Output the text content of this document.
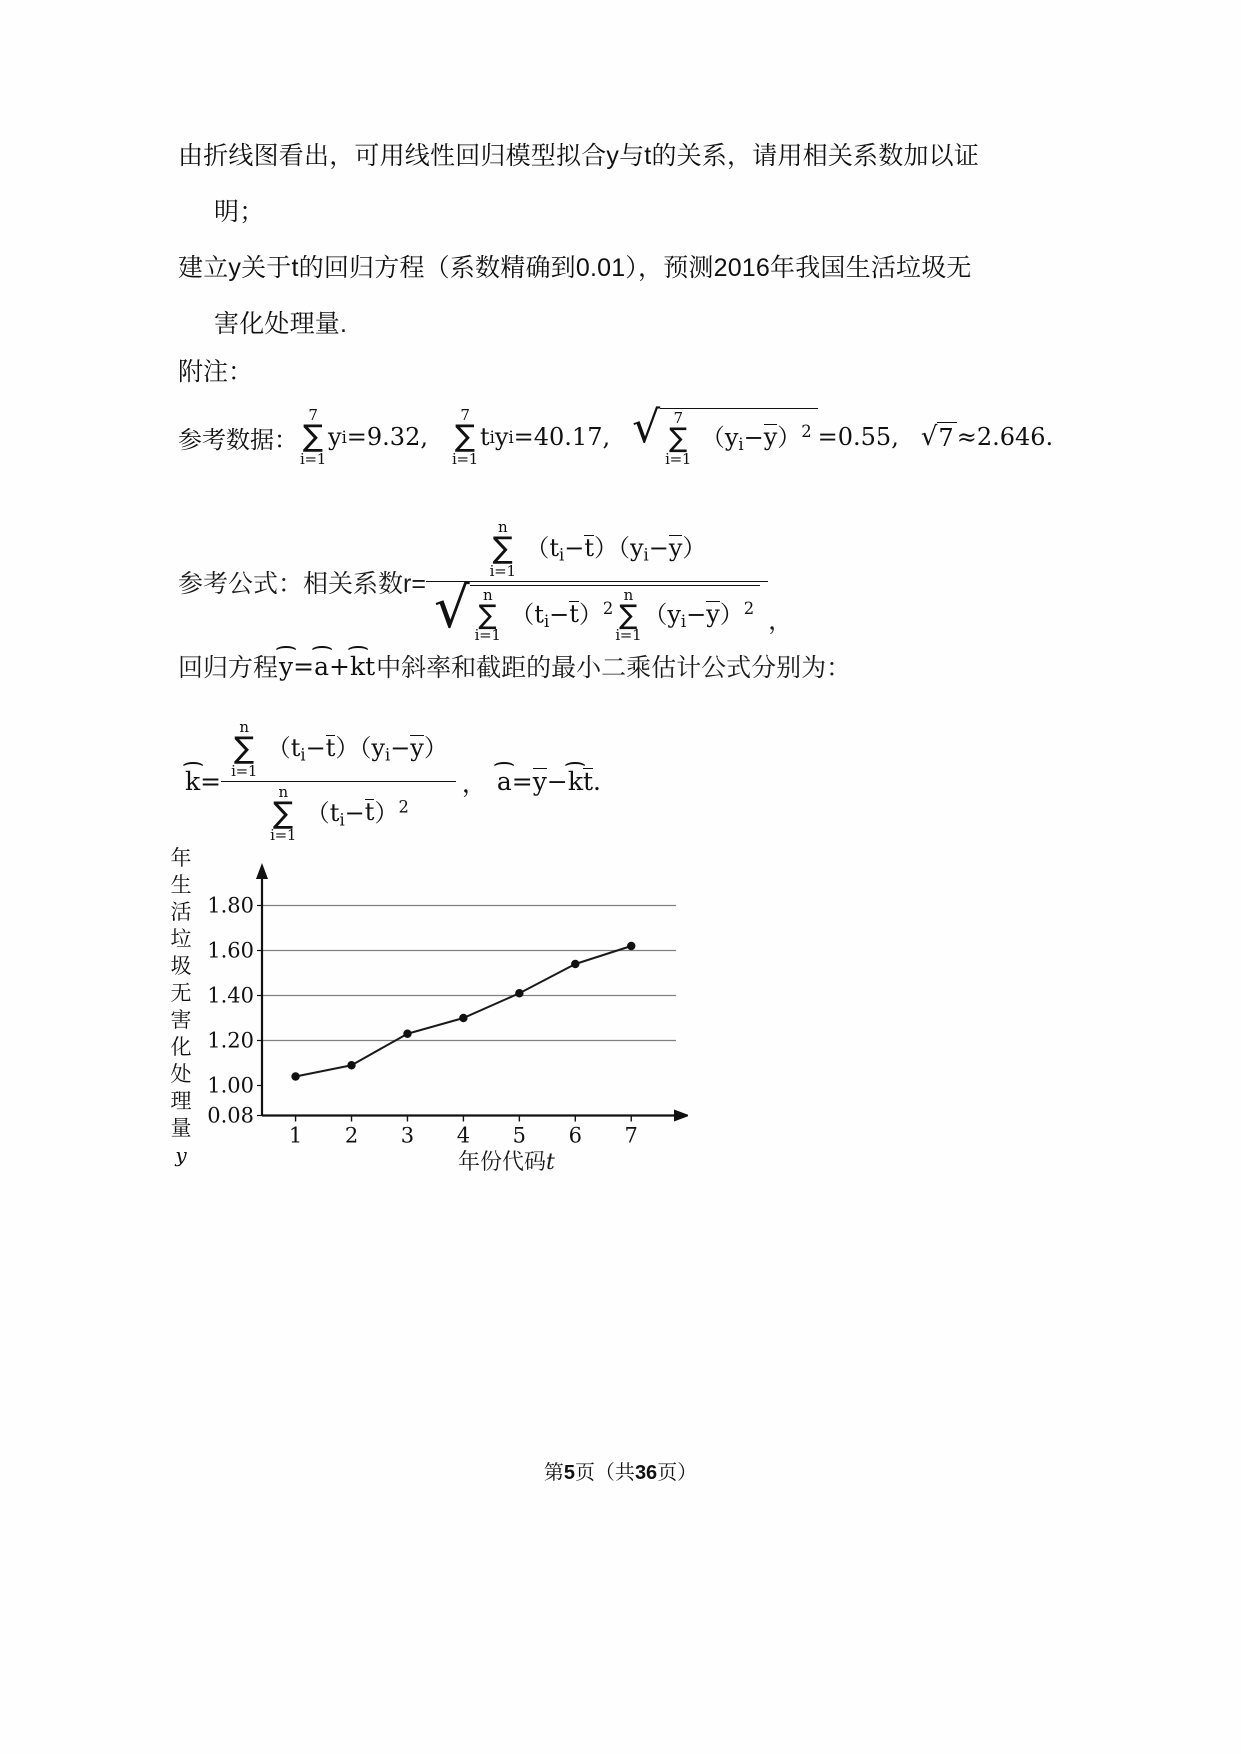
由折线图看出，可用线性回归模型拟合y与t的关系，请用相关系数加以证
明；
建立y关于t的回归方程（系数精确到0.01），预测2016年我国生活垃圾无
害化处理量.
附注：
参考数据：
7
∑
i=1
y i =9.32,
7
∑
i=1
t i y i =40.17, √ 7
∑
i=1
$(y_i-y)^2 =0.55$, √ 7 ≈2.646.
参考公式：相关系数r=
n
∑
i=1
$(t_i-t)(y_i-y)$
√ n
∑
i=1
$(t_i-t)^2$
n
∑
i=1
$(y_i-y)^2$ ，
回归方程 ⌢ y=⌢ a+⌢ kt 中斜率和截距的最小二乘估计公式分别为：
⌢ k = n
∑
i=1
$(t_i-t)(y_i-y)$
n
∑
i=1
$(t_i-t)^2$ ， ⌢ a=y−⌢ kt.
年
生
活
垃
圾
无
害
化
处
理
量
y
1.80
1.60
1.40
1.20
1.00
0.08
1 2 3 4 5 6 7
年份代码t
第5页（共36页）
